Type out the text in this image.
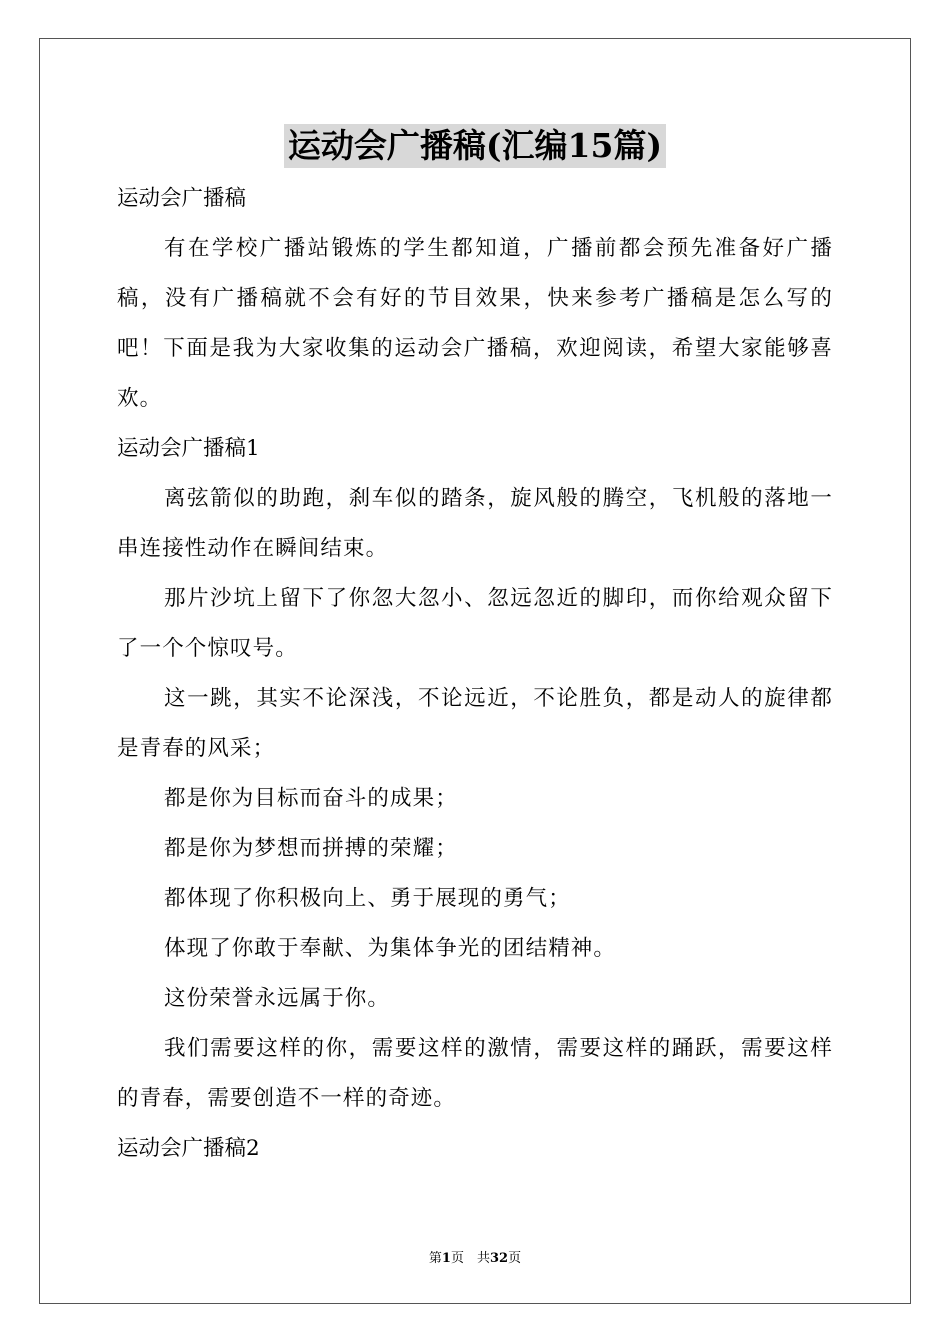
运动会广播稿(汇编15篇)
运动会广播稿

有在学校广播站锻炼的学生都知道，广播前都会预先准备好广播稿，没有广播稿就不会有好的节目效果，快来参考广播稿是怎么写的吧！下面是我为大家收集的运动会广播稿，欢迎阅读，希望大家能够喜欢。

运动会广播稿1

离弦箭似的助跑，刹车似的踏条，旋风般的腾空，飞机般的落地一串连接性动作在瞬间结束。

那片沙坑上留下了你忽大忽小、忽远忽近的脚印，而你给观众留下了一个个惊叹号。

这一跳，其实不论深浅，不论远近，不论胜负，都是动人的旋律都是青春的风采；

都是你为目标而奋斗的成果；
都是你为梦想而拼搏的荣耀；
都体现了你积极向上、勇于展现的勇气；
体现了你敢于奉献、为集体争光的团结精神。
这份荣誉永远属于你。

我们需要这样的你，需要这样的激情，需要这样的踊跃，需要这样的青春，需要创造不一样的奇迹。

运动会广播稿2
第1页　共32页
